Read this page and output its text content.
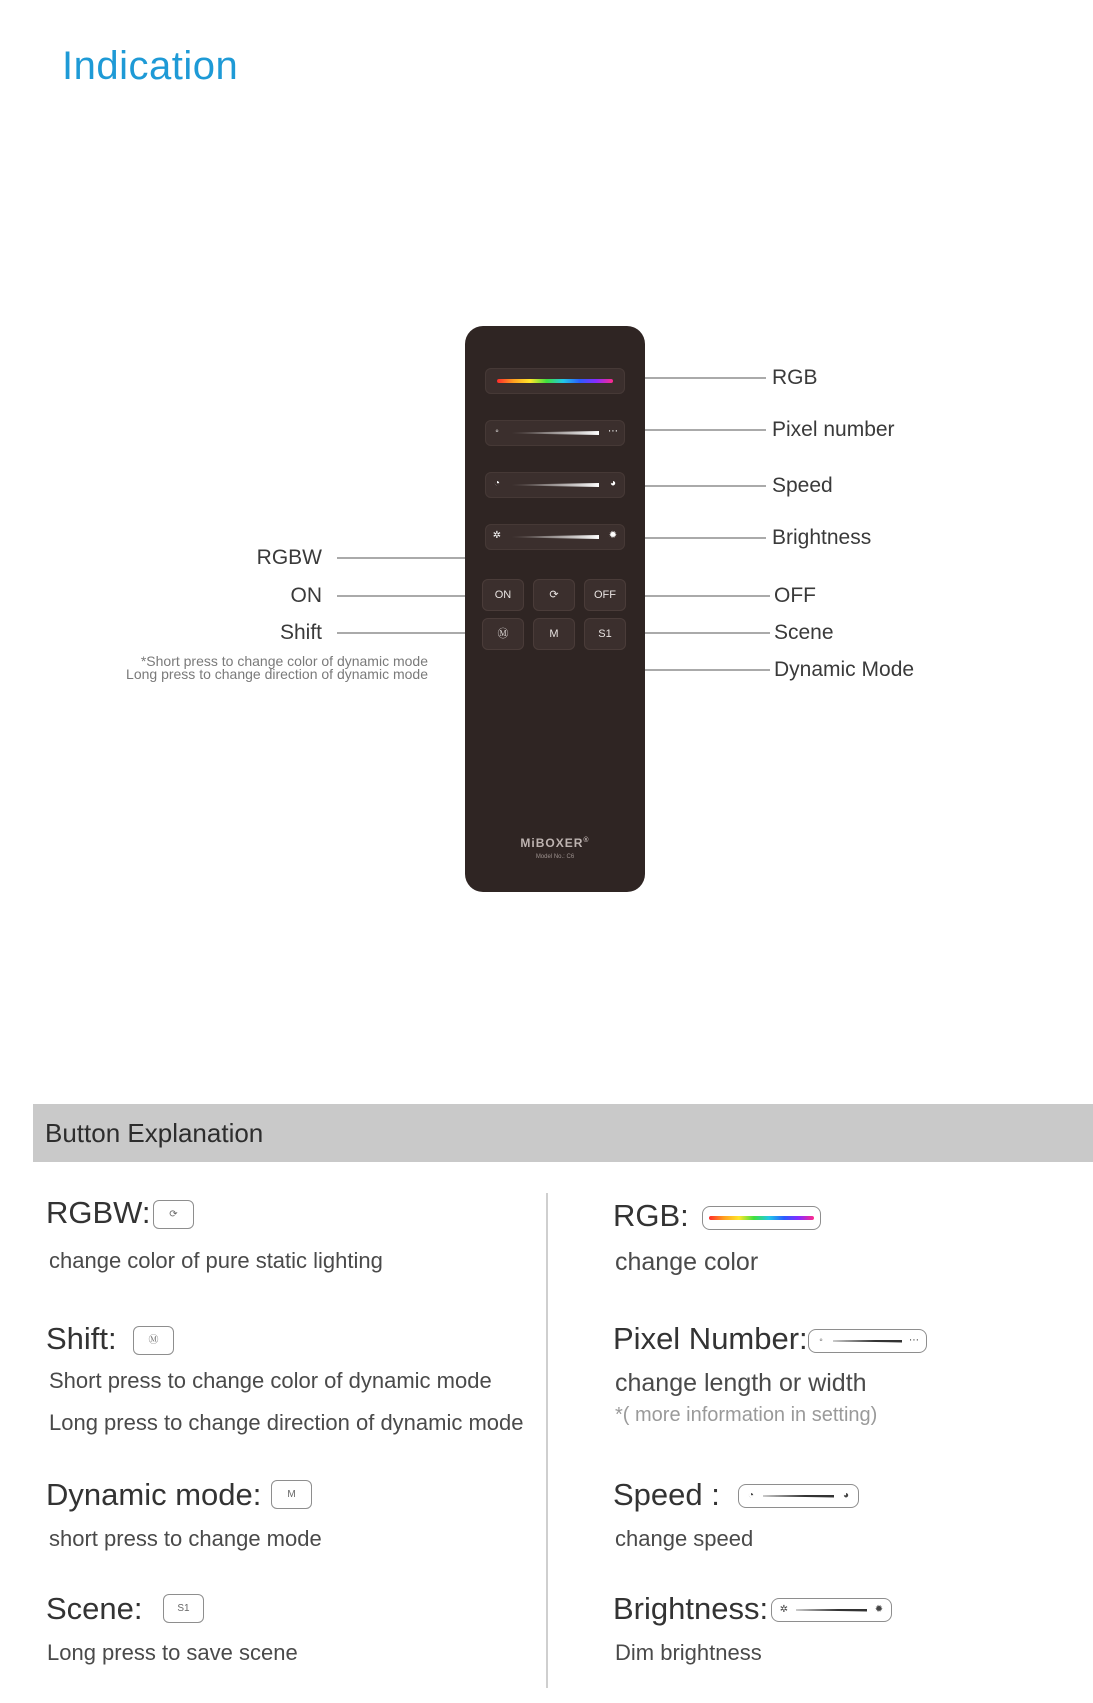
Indication
◦	⋯
◔	◕
✲	✹
ON	⟳	OFF
Ⓜ	M	S1
MiBOXER®
Model No.: C6
RGB
Pixel number
Speed
Brightness
OFF
Scene
Dynamic Mode
RGBW
ON
Shift
*Short press to change color of dynamic mode
Long press to change direction of dynamic mode
Button Explanation
RGBW:	⟳
change color of pure static lighting
Shift:	Ⓜ
Short press to change color of dynamic mode
Long press to change direction of dynamic mode
Dynamic mode:	M
short press to change mode
Scene:	S1
Long press to save scene
RGB:
change color
Pixel Number:	◦	⋯
change length or width
*( more information in setting)
Speed :	◔	◕
change speed
Brightness: ✲	✹
Dim brightness
